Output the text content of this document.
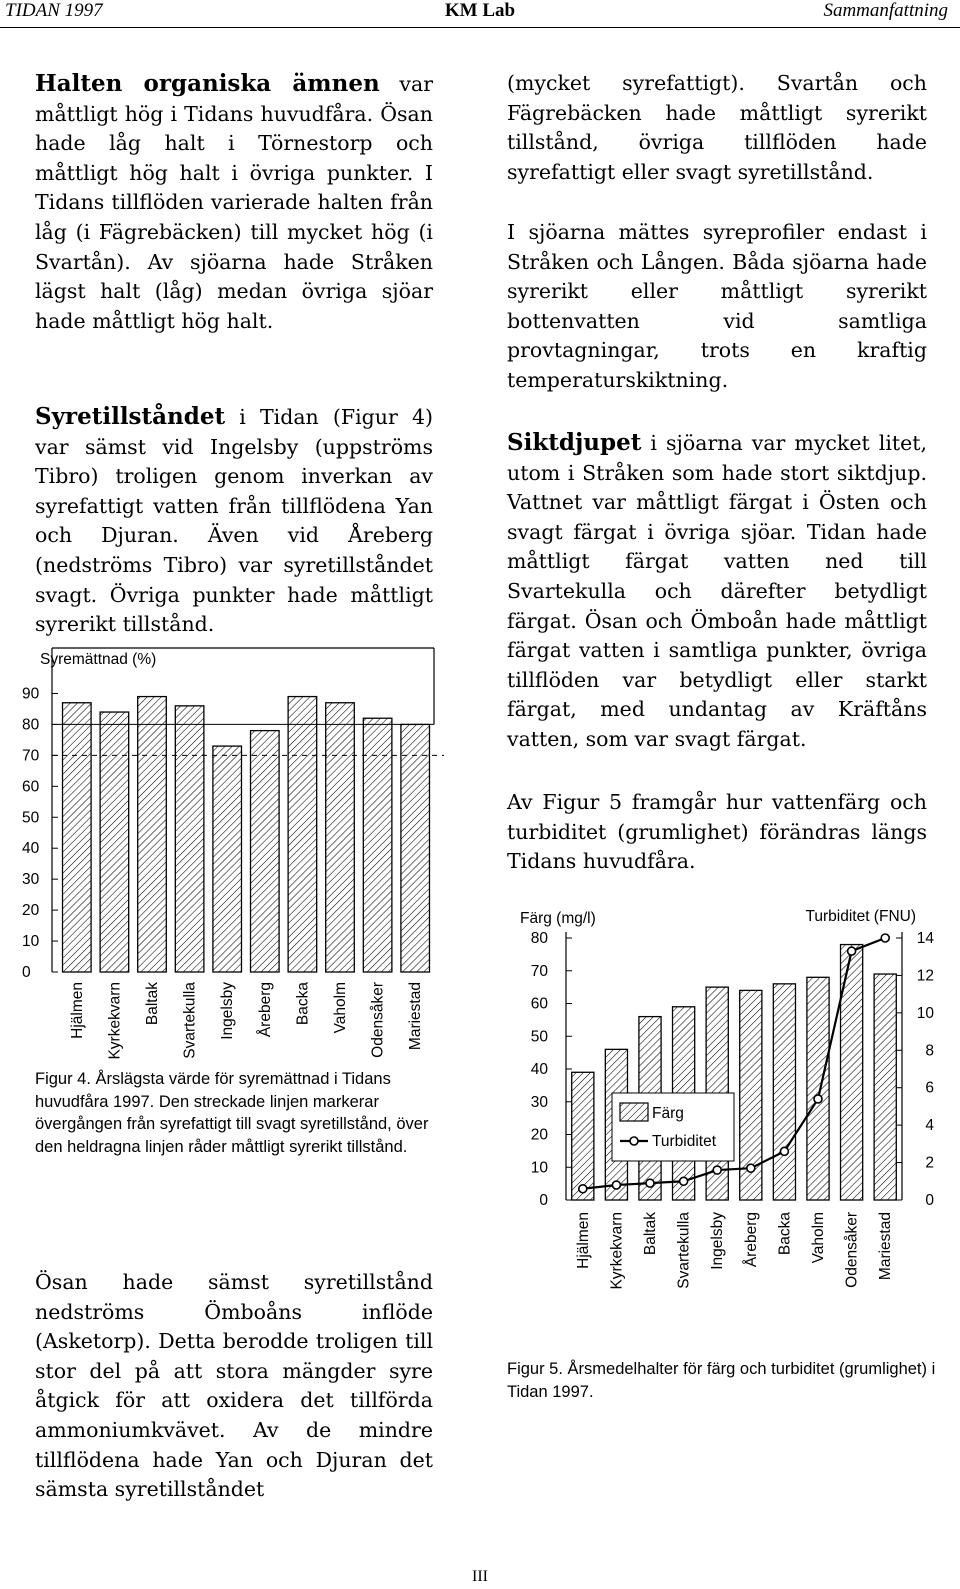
TIDAN 1997	KM Lab	Sammanfattning

Halten organiska ämnen var måttligt hög i Tidans huvudfåra. Ösan hade låg halt i Törnestorp och måttligt hög halt i övriga punkter. I Tidans tillflöden varierade halten från låg (i Fägrebäcken) till mycket hög (i Svartån). Av sjöarna hade Stråken lägst halt (låg) medan övriga sjöar hade måttligt hög halt.

Syretillståndet i Tidan (Figur 4) var sämst vid Ingelsby (uppströms Tibro) troligen genom inverkan av syrefattigt vatten från tillflödena Yan och Djuran. Även vid Åreberg (nedströms Tibro) var syretillståndet svagt. Övriga punkter hade måttligt syrerikt tillstånd.

Syremättnad (%)
0
10
20
30
40
50
60
70
80
90
Hjälmen Kyrkekvarn Baltak Svartekulla Ingelsby Åreberg Backa Vaholm Odensåker Mariestad

Figur 4. Årslägsta värde för syremättnad i Tidans huvudfåra 1997. Den streckade linjen markerar övergången från syrefattigt till svagt syretillstånd, över den heldragna linjen råder måttligt syrerikt tillstånd.

Ösan hade sämst syretillstånd nedströms Ömboåns inflöde (Asketorp). Detta berodde troligen till stor del på att stora mängder syre åtgick för att oxidera det tillförda ammoniumkvävet. Av de mindre tillflödena hade Yan och Djuran det sämsta syretillståndet

(mycket syrefattigt). Svartån och Fägrebäcken hade måttligt syrerikt tillstånd, övriga tillflöden hade syrefattigt eller svagt syretillstånd.

I sjöarna mättes syreprofiler endast i Stråken och Lången. Båda sjöarna hade syrerikt eller måttligt syrerikt bottenvatten vid samtliga provtagningar, trots en kraftig temperaturskiktning.

Siktdjupet i sjöarna var mycket litet, utom i Stråken som hade stort siktdjup. Vattnet var måttligt färgat i Östen och svagt färgat i övriga sjöar. Tidan hade måttligt färgat vatten ned till Svartekulla och därefter betydligt färgat. Ösan och Ömboån hade måttligt färgat vatten i samtliga punkter, övriga tillflöden var betydligt eller starkt färgat, med undantag av Kräftåns vatten, som var svagt färgat.

Av Figur 5 framgår hur vattenfärg och turbiditet (grumlighet) förändras längs Tidans huvudfåra.

Färg (mg/l)	Turbiditet (FNU)
0
10
20
30
40
50
60
70
80
0
2
4
6
8
10
12
14
Hjälmen Kyrkekvarn Baltak Svartekulla Ingelsby Åreberg Backa Vaholm Odensåker Mariestad
Färg
Turbiditet

Figur 5. Årsmedelhalter för färg och turbiditet (grumlighet) i Tidan 1997.

III
